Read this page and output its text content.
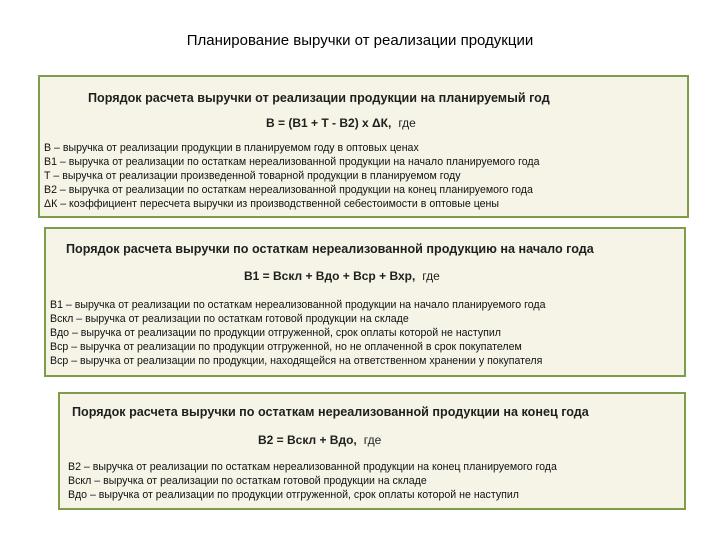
Планирование выручки от реализации продукции
Порядок расчета выручки от реализации продукции на планируемый год
В = (В1 + Т - В2) х ΔК, где
В – выручка от реализации продукции в планируемом году в оптовых ценах
В1 – выручка от реализации по остаткам нереализованной продукции на начало планируемого года
Т – выручка от реализации произведенной товарной продукции в планируемом году
В2 – выручка от реализации по остаткам нереализованной продукции на конец планируемого года
ΔК – коэффициент пересчета выручки из производственной себестоимости в оптовые цены
Порядок расчета выручки по остаткам нереализованной продукцию на начало года
В1 = Вскл + Вдо + Вср + Вхр, где
В1 – выручка от реализации по остаткам нереализованной продукции на начало планируемого года
Вскл – выручка от реализации по остаткам готовой продукции на складе
Вдо – выручка от реализации по продукции отгруженной, срок оплаты которой не наступил
Вср – выручка от реализации по продукции отгруженной, но не оплаченной в срок покупателем
Вср – выручка от реализации по продукции, находящейся на ответственном хранении у покупателя
Порядок расчета выручки по остаткам нереализованной продукции на конец года
В2 = Вскл + Вдо, где
В2 – выручка от реализации по остаткам нереализованной продукции на конец планируемого года
Вскл – выручка от реализации по остаткам готовой продукции на складе
Вдо – выручка от реализации по продукции отгруженной, срок оплаты которой не наступил
